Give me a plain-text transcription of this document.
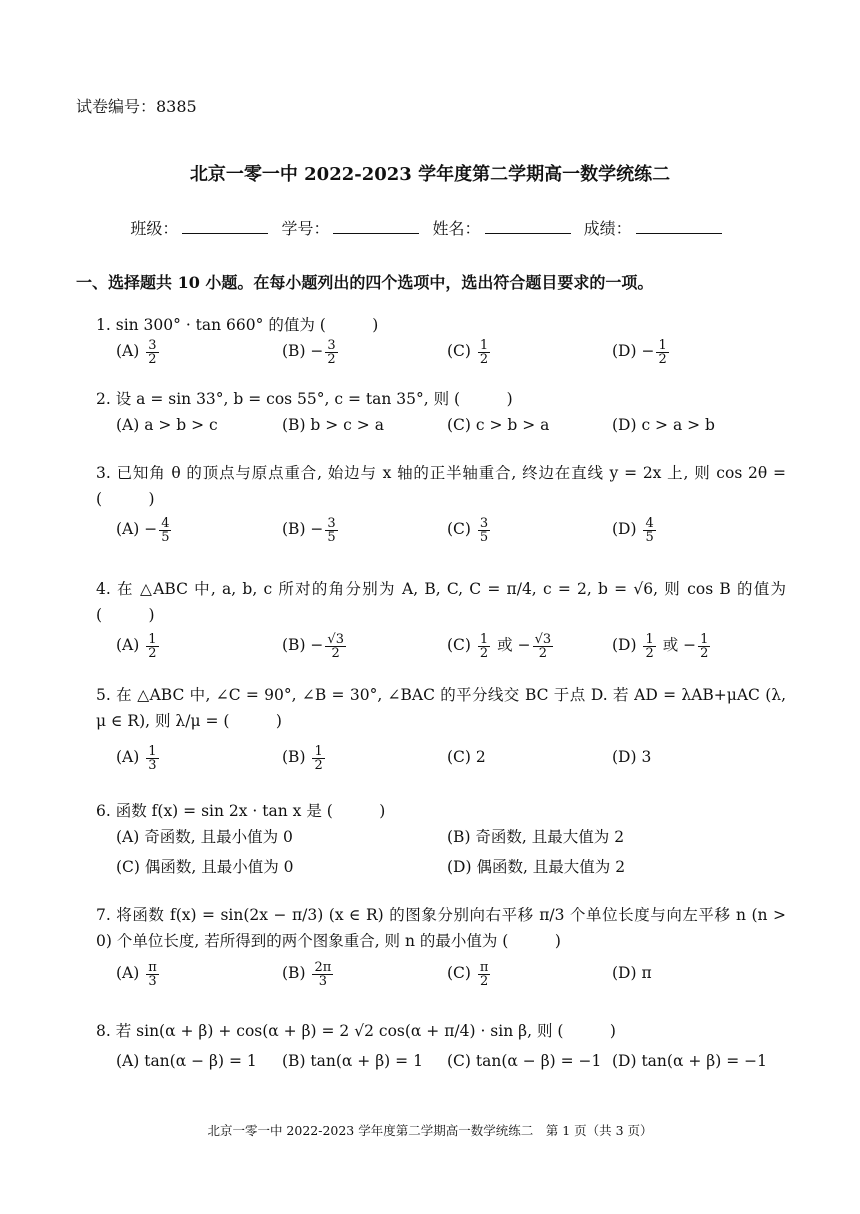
试卷编号：8385
北京一零一中 2022-2023 学年度第二学期高一数学统练二
班级：	学号：	姓名：	成绩：
一、选择题共 10 小题。在每小题列出的四个选项中，选出符合题目要求的一项。
1. sin 300° · tan 660° 的值为 (　　　)
$(A) \frac{3}{2}$	$(B) - \frac{3}{2}$	$(C) \frac{1}{2}$	$(D) - \frac{1}{2}$
2. 设 a = sin 33°, b = cos 55°, c = tan 35°, 则 (　　　)
(A) a > b > c	(B) b > c > a	(C) c > b > a	(D) c > a > b
3. 已知角 θ 的顶点与原点重合, 始边与 x 轴的正半轴重合, 终边在直线 y = 2x 上, 则 cos 2θ = (　　　)
$(A) - \frac{4}{5}$	$(B) - \frac{3}{5}$	$(C) \frac{3}{5}$	$(D) \frac{4}{5}$
4. 在 △ABC 中, a, b, c 所对的角分别为 A, B, C, C = π/4, c = 2, b = √6, 则 cos B 的值为 (　　　)
$(A) \frac{1}{2}$	$(B) - \frac{√3}{2}$	$(C) \frac{1}{2}$ 或 − $\frac{√3}{2}$	$(D) \frac{1}{2}$ 或 − $\frac{1}{2}$
5. 在 △ABC 中, ∠C = 90°, ∠B = 30°, ∠BAC 的平分线交 BC 于点 D. 若 AD = λAB+μAC (λ, μ ∈ R), 则 λ/μ = (　　　)
$(A) \frac{1}{3}$	$(B) \frac{1}{2}$	(C) 2	(D) 3
6. 函数 f(x) = sin 2x · tan x 是 (　　　)
(A) 奇函数, 且最小值为 0	(B) 奇函数, 且最大值为 2
(C) 偶函数, 且最小值为 0	(D) 偶函数, 且最大值为 2
7. 将函数 f(x) = sin(2x − π/3) (x ∈ R) 的图象分别向右平移 π/3 个单位长度与向左平移 n (n > 0) 个单位长度, 若所得到的两个图象重合, 则 n 的最小值为 (　　　)
$(A) \frac{\pi}{3}$	$(B) \frac{2\pi}{3}$	$(C) \frac{\pi}{2}$	(D) π
8. 若 sin(α + β) + cos(α + β) = 2 √2 cos(α + π/4) · sin β, 则 (　　　)
(A) tan(α − β) = 1 (B) tan(α + β) = 1 (C) tan(α − β) = −1 (D) tan(α + β) = −1
北京一零一中 2022-2023 学年度第二学期高一数学统练二　第 1 页（共 3 页）
